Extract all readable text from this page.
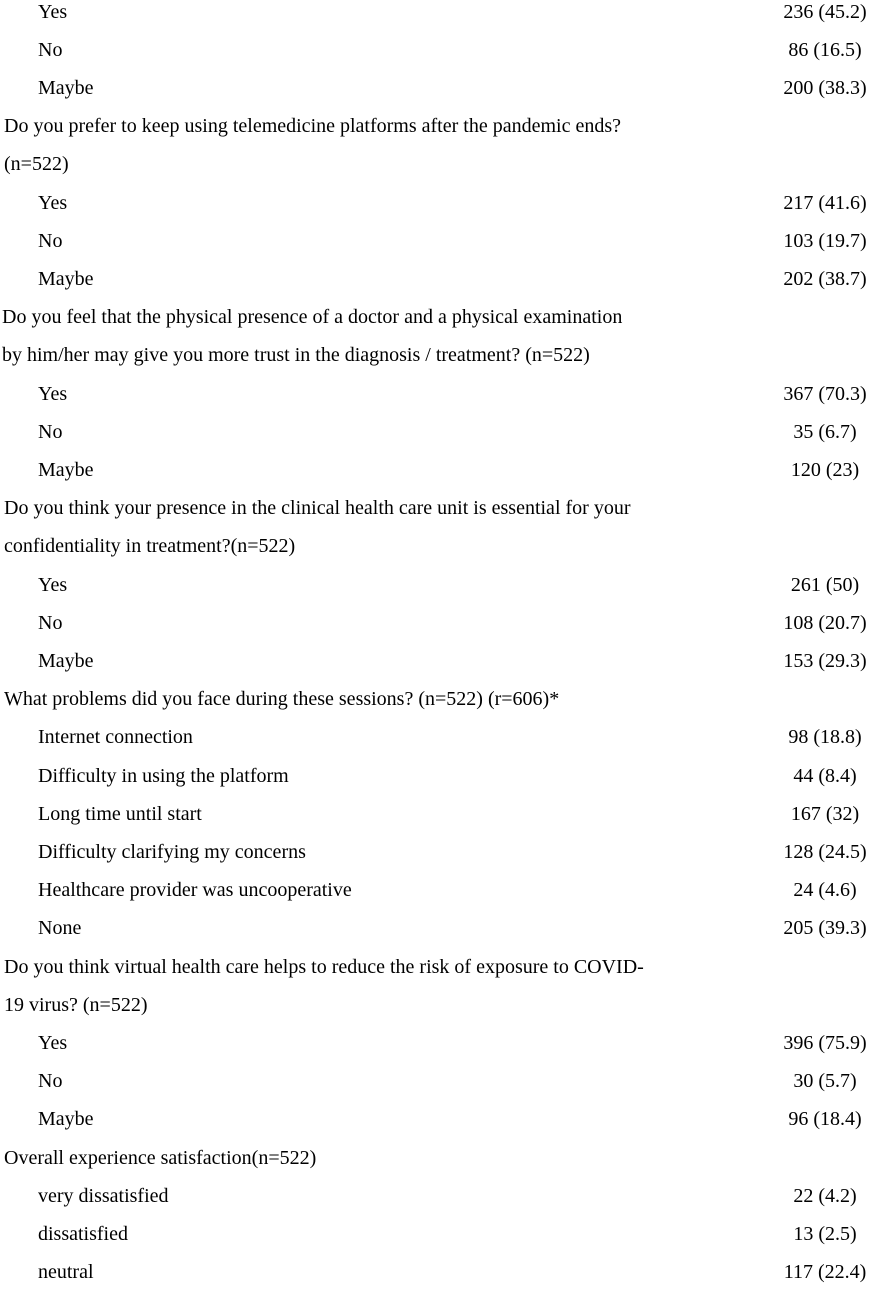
Yes	236 (45.2)
No	86 (16.5)
Maybe	200 (38.3)
Do you prefer to keep using telemedicine platforms after the pandemic ends?
(n=522)
Yes	217 (41.6)
No	103 (19.7)
Maybe	202 (38.7)
Do you feel that the physical presence of a doctor and a physical examination
by him/her may give you more trust in the diagnosis / treatment? (n=522)
Yes	367 (70.3)
No	35 (6.7)
Maybe	120 (23)
Do you think your presence in the clinical health care unit is essential for your
confidentiality in treatment?(n=522)
Yes	261 (50)
No	108 (20.7)
Maybe	153 (29.3)
What problems did you face during these sessions? (n=522) (r=606)*
Internet connection	98 (18.8)
Difficulty in using the platform	44 (8.4)
Long time until start	167 (32)
Difficulty clarifying my concerns	128 (24.5)
Healthcare provider was uncooperative	24 (4.6)
None	205 (39.3)
Do you think virtual health care helps to reduce the risk of exposure to COVID-
19 virus? (n=522)
Yes	396 (75.9)
No	30 (5.7)
Maybe	96 (18.4)
Overall experience satisfaction(n=522)
very dissatisfied	22 (4.2)
dissatisfied	13 (2.5)
neutral	117 (22.4)
